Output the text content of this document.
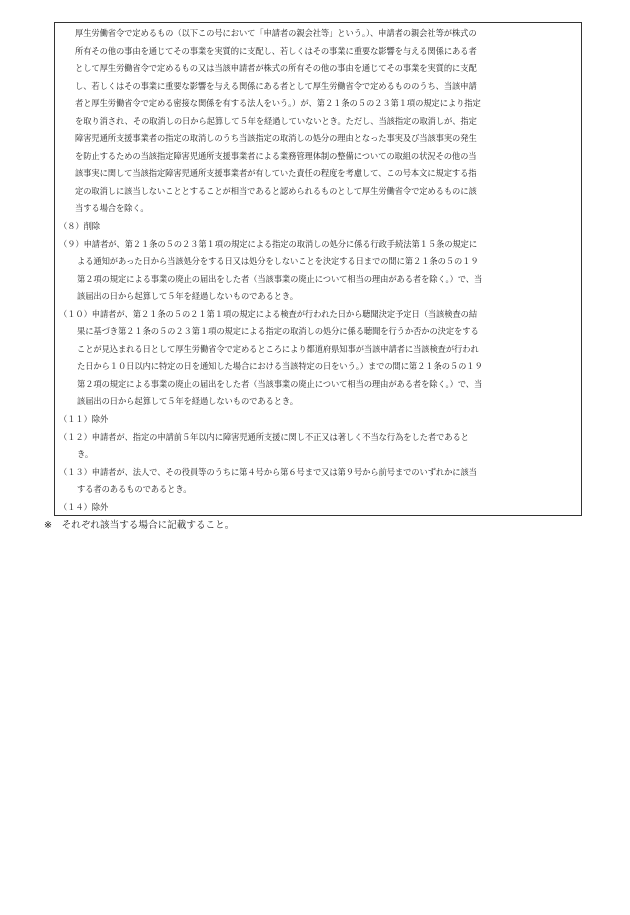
厚生労働省令で定めるもの（以下この号において「申請者の親会社等」という。）、申請者の親会社等が株式の
所有その他の事由を通じてその事業を実質的に支配し、若しくはその事業に重要な影響を与える関係にある者
として厚生労働省令で定めるもの又は当該申請者が株式の所有その他の事由を通じてその事業を実質的に支配
し、若しくはその事業に重要な影響を与える関係にある者として厚生労働省令で定めるもののうち、当該申請
者と厚生労働省令で定める密接な関係を有する法人をいう。）が、第２１条の５の２３第１項の規定により指定
を取り消され、その取消しの日から起算して５年を経過していないとき。ただし、当該指定の取消しが、指定
障害児通所支援事業者の指定の取消しのうち当該指定の取消しの処分の理由となった事実及び当該事実の発生
を防止するための当該指定障害児通所支援事業者による業務管理体制の整備についての取組の状況その他の当
該事実に関して当該指定障害児通所支援事業者が有していた責任の程度を考慮して、この号本文に規定する指
定の取消しに該当しないこととすることが相当であると認められるものとして厚生労働省令で定めるものに該
当する場合を除く。
（８）削除
（９）申請者が、第２１条の５の２３第１項の規定による指定の取消しの処分に係る行政手続法第１５条の規定に
よる通知があった日から当該処分をする日又は処分をしないことを決定する日までの間に第２１条の５の１９
第２項の規定による事業の廃止の届出をした者（当該事業の廃止について相当の理由がある者を除く。）で、当
該届出の日から起算して５年を経過しないものであるとき。
（１０）申請者が、第２１条の５の２１第１項の規定による検査が行われた日から聴聞決定予定日（当該検査の結
果に基づき第２１条の５の２３第１項の規定による指定の取消しの処分に係る聴聞を行うか否かの決定をする
ことが見込まれる日として厚生労働省令で定めるところにより都道府県知事が当該申請者に当該検査が行われ
た日から１０日以内に特定の日を通知した場合における当該特定の日をいう。）までの間に第２１条の５の１９
第２項の規定による事業の廃止の届出をした者（当該事業の廃止について相当の理由がある者を除く。）で、当
該届出の日から起算して５年を経過しないものであるとき。
（１１）除外
（１２）申請者が、指定の申請前５年以内に障害児通所支援に関し不正又は著しく不当な行為をした者であると
き。
（１３）申請者が、法人で、その役員等のうちに第４号から第６号まで又は第９号から前号までのいずれかに該当
する者のあるものであるとき。
（１４）除外
※　それぞれ該当する場合に記載すること。
